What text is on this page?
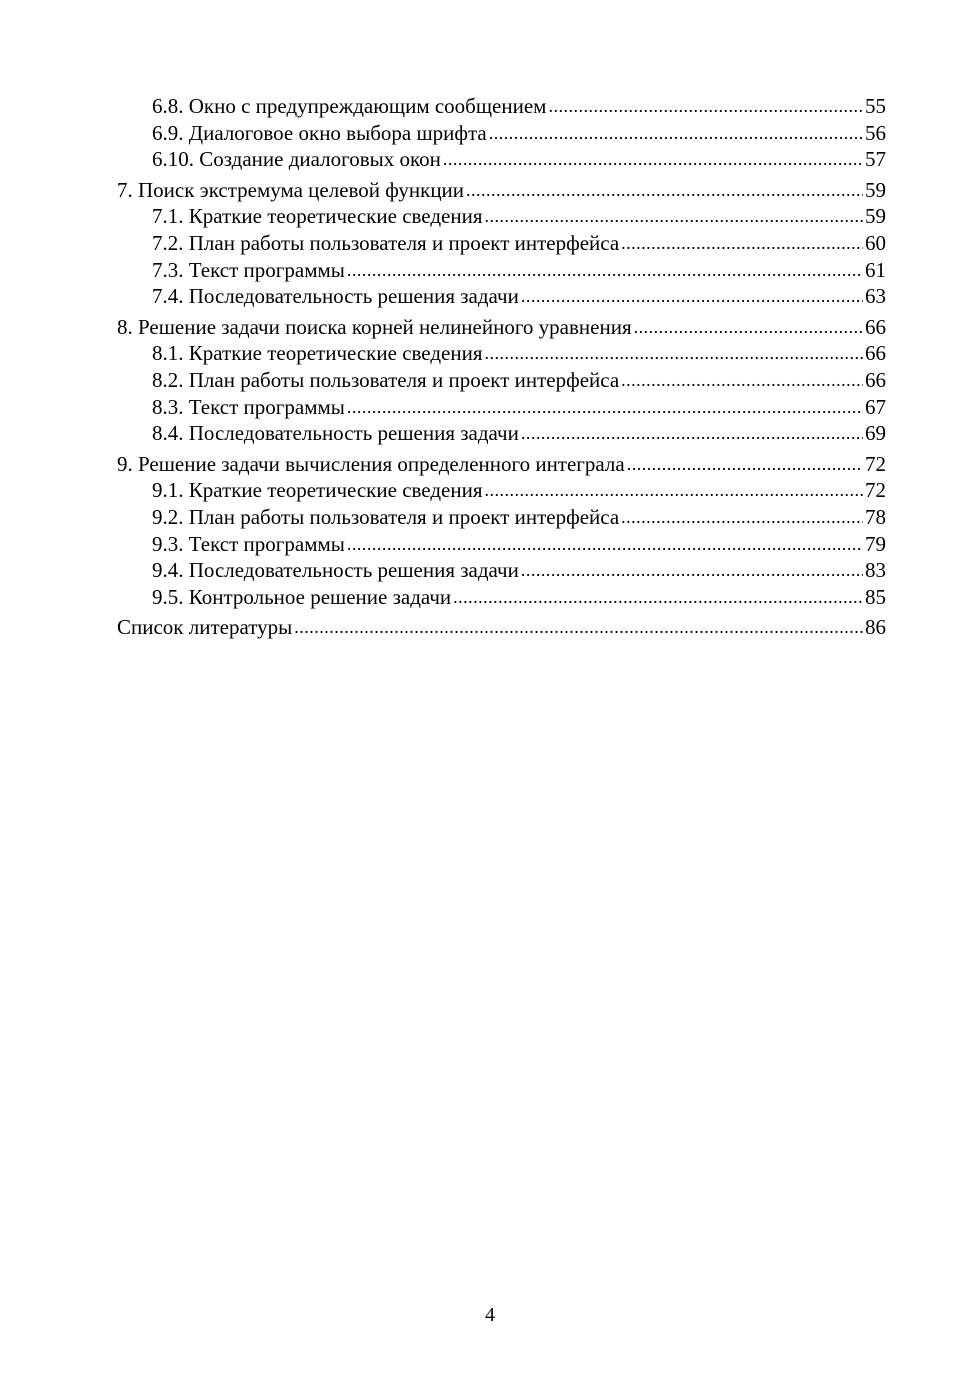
6.8. Окно с предупреждающим сообщением .....	55
6.9. Диалоговое окно выбора шрифта .....	56
6.10. Создание диалоговых окон .....	57
7. Поиск экстремума целевой функции .....	59
7.1. Краткие теоретические сведения .....	59
7.2. План работы пользователя и проект интерфейса .....	60
7.3. Текст программы .....	61
7.4. Последовательность решения задачи .....	63
8. Решение задачи поиска корней нелинейного уравнения .....	66
8.1. Краткие теоретические сведения .....	66
8.2. План работы пользователя и проект интерфейса .....	66
8.3. Текст программы .....	67
8.4. Последовательность решения задачи .....	69
9. Решение задачи вычисления определенного интеграла .....	72
9.1. Краткие теоретические сведения .....	72
9.2. План работы пользователя и проект интерфейса .....	78
9.3. Текст программы .....	79
9.4. Последовательность решения задачи .....	83
9.5. Контрольное решение задачи .....	85
Список литературы .....	86
4
